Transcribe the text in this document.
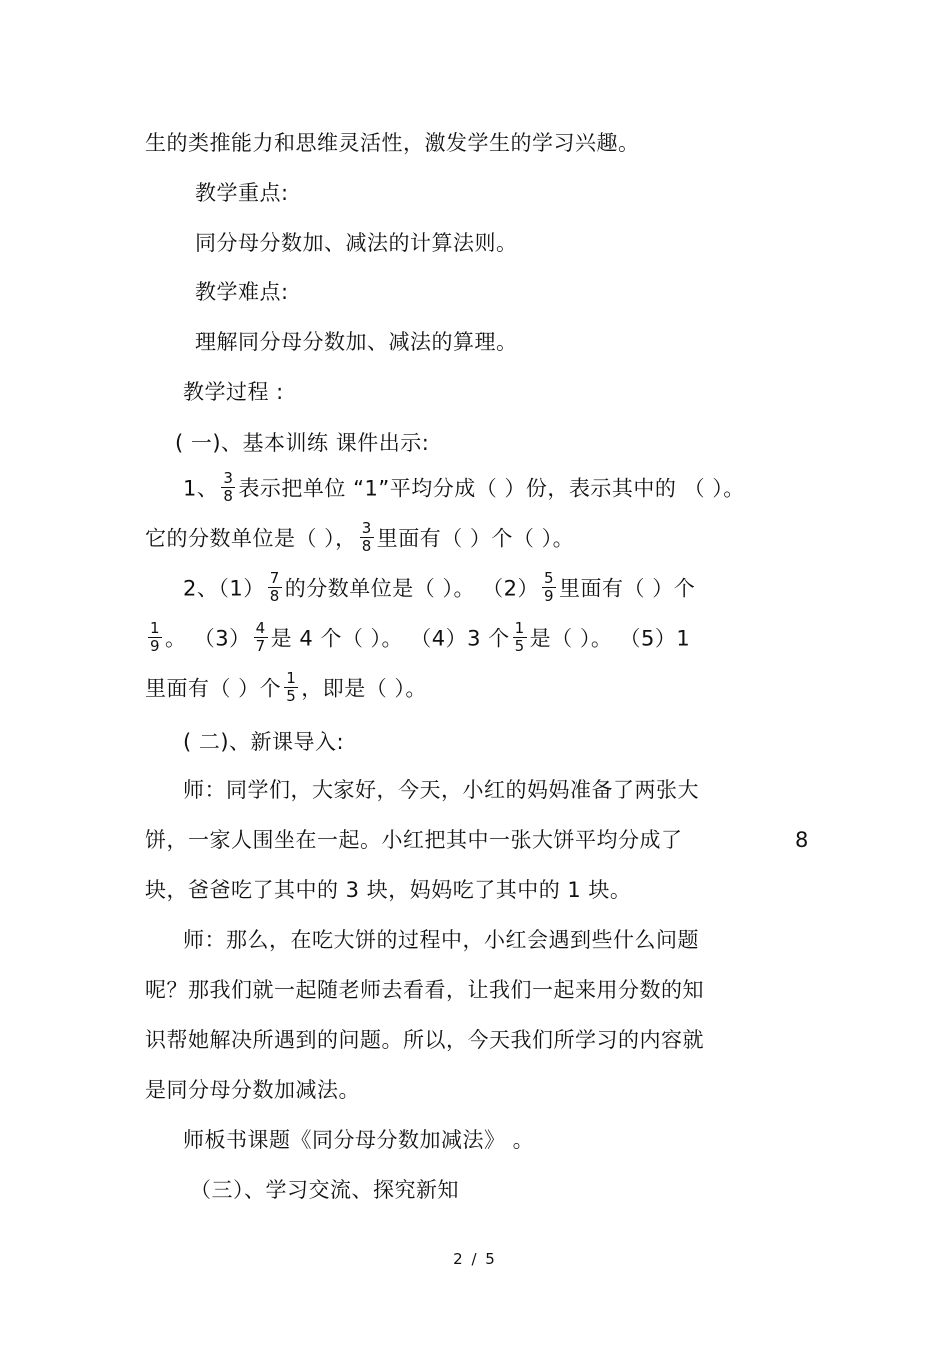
生的类推能力和思维灵活性，激发学生的学习兴趣。
教学重点:
同分母分数加、减法的计算法则。
教学难点:
理解同分母分数加、减法的算理。
教学过程 :
( 一)、基本训练 课件出示:
1、 $\frac{3}{8}$ 表示把单位 “1”平均分成（ ）份，表示其中的 （ ）。
它的分数单位是（ ）， $\frac{3}{8}$ 里面有（ ）个（ ）。
2、$(1) \frac{7}{8}$ 的分数单位是（ ）。 $(2) \frac{5}{9}$ 里面有（ ）个
$\frac{1}{9}$ 。 $(3) \frac{4}{7}$ 是 4 个（ ）。 （4）3 个 $\frac{1}{5}$ 是（ ）。 （5）1
里面有（ ）个 $\frac{1}{5}$ ，即是（ ）。
( 二)、新课导入:
师：同学们，大家好，今天，小红的妈妈准备了两张大
饼，一家人围坐在一起。小红把其中一张大饼平均分成了	8
块，爸爸吃了其中的 3 块，妈妈吃了其中的 1 块。
师：那么，在吃大饼的过程中，小红会遇到些什么问题
呢？那我们就一起随老师去看看，让我们一起来用分数的知
识帮她解决所遇到的问题。所以，今天我们所学习的内容就
是同分母分数加减法。
师板书课题《同分母分数加减法》 。
（三）、学习交流、探究新知
2 / 5
